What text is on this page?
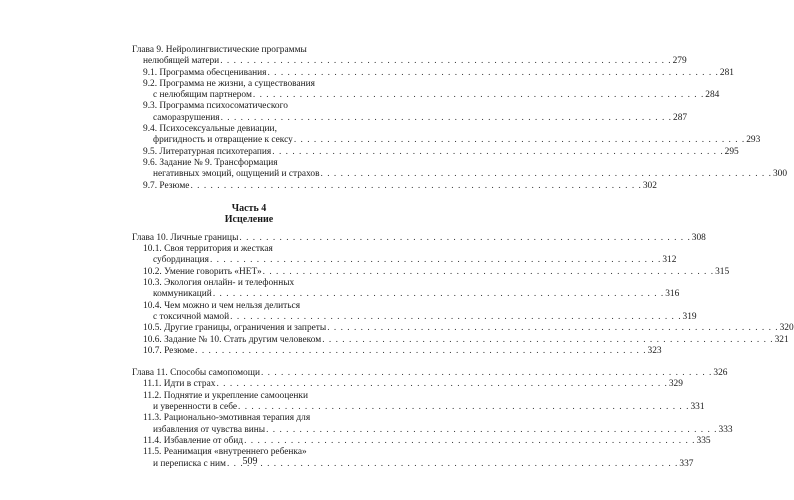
Глава 9. Нейролингвистические программы
нелюбящей матери . . .	279
9.1. Программа обесценивания . . .	281
9.2. Программа не жизни, а существования
с нелюбящим партнером . . .	284
9.3. Программа психосоматического
саморазрушения . . .	287
9.4. Психосексуальные девиации,
фригидность и отвращение к сексу . . .	293
9.5. Литературная психотерапия . . .	295
9.6. Задание № 9. Трансформация
негативных эмоций, ощущений и страхов . . .	300
9.7. Резюме . . .	302
Часть 4
Исцеление
Глава 10. Личные границы . . .	308
10.1. Своя территория и жесткая
субординация . . .	312
10.2. Умение говорить «НЕТ» . . .	315
10.3. Экология онлайн- и телефонных
коммуникаций . . .	316
10.4. Чем можно и чем нельзя делиться
с токсичной мамой . . .	319
10.5. Другие границы, ограничения и запреты . . .	320
10.6. Задание № 10. Стать другим человеком . . .	321
10.7. Резюме . . .	323
Глава 11. Способы самопомощи . . .	326
11.1. Идти в страх . . .	329
11.2. Поднятие и укрепление самооценки
и уверенности в себе . . .	331
11.3. Рационально-эмотивная терапия для
избавления от чувства вины . . .	333
11.4. Избавление от обид . . .	335
11.5. Реанимация «внутреннего ребенка»
и переписка с ним . . .	337
509
